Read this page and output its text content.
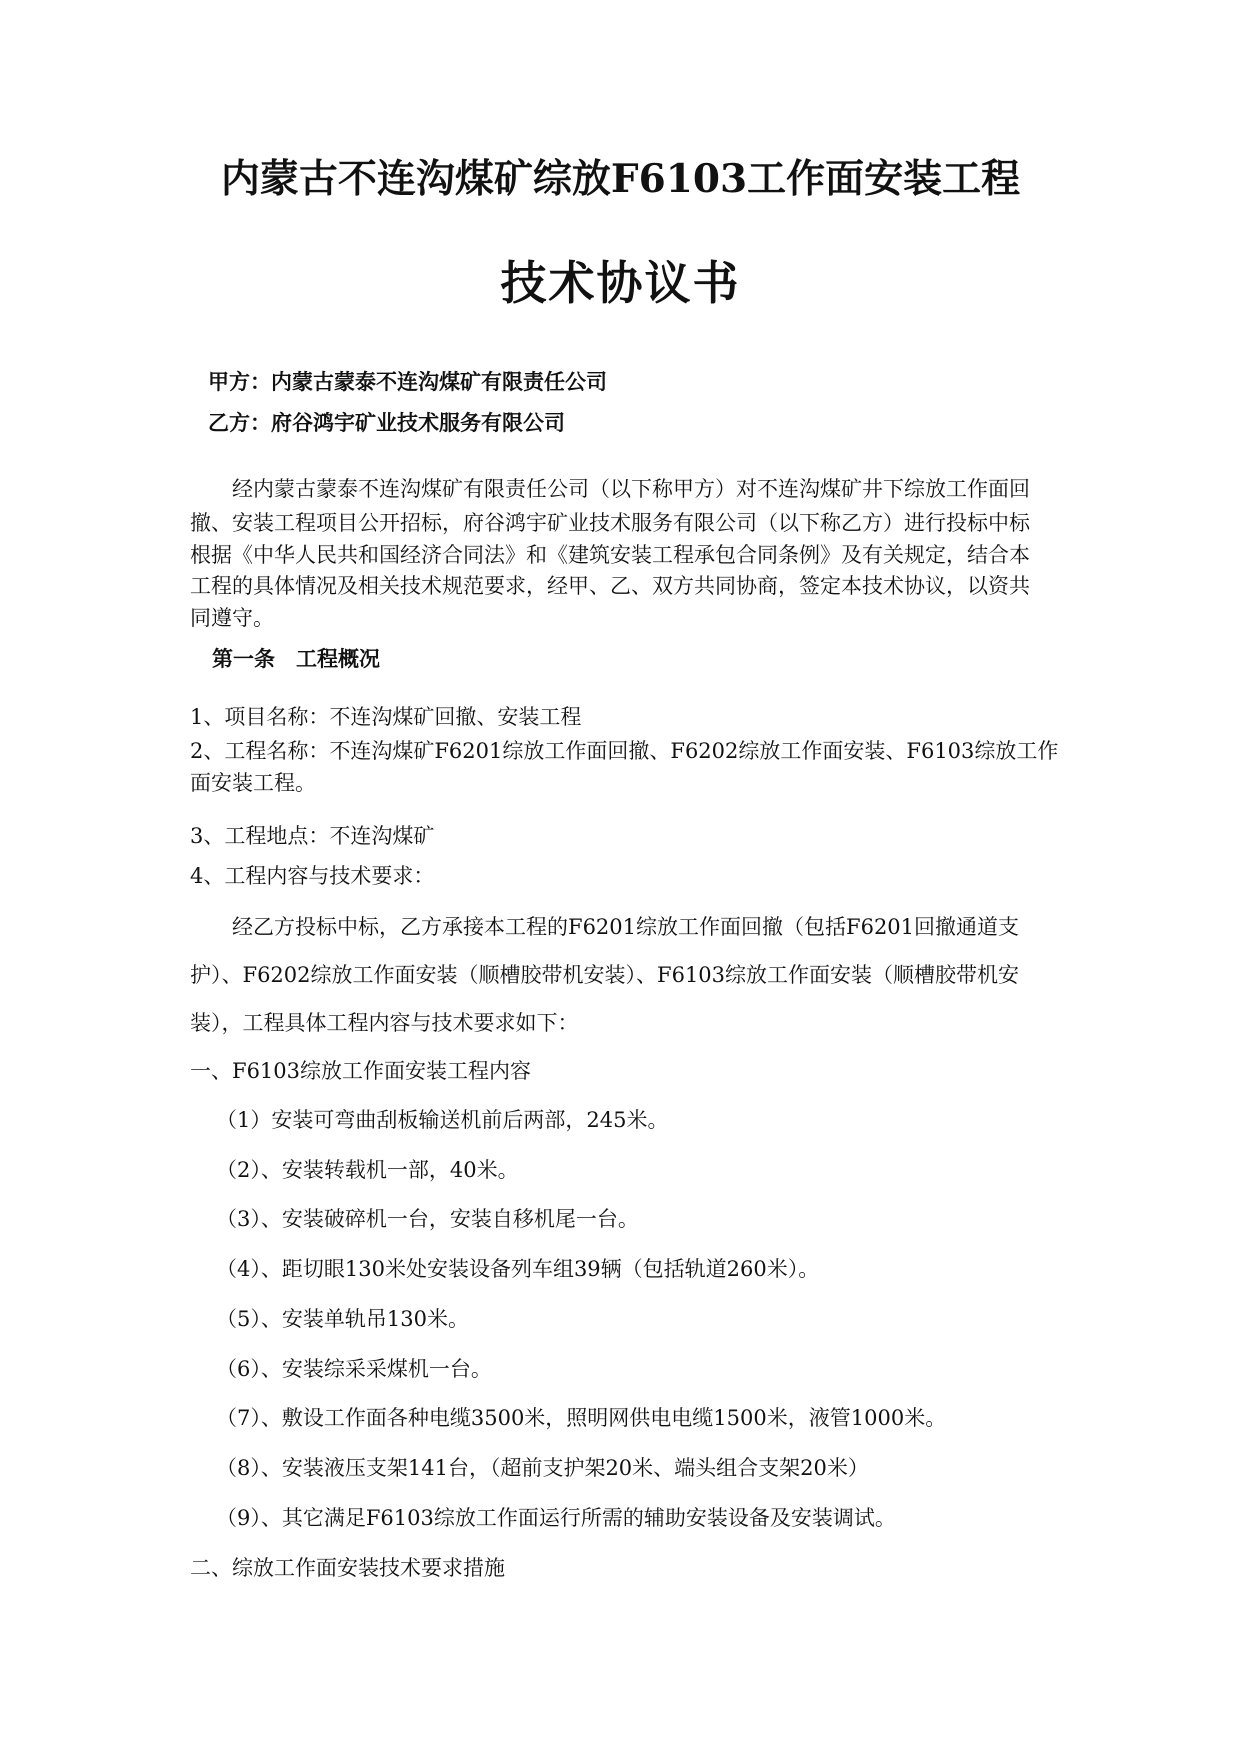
内蒙古不连沟煤矿综放F6103工作面安装工程
技术协议书
甲方：内蒙古蒙泰不连沟煤矿有限责任公司
乙方：府谷鸿宇矿业技术服务有限公司
经内蒙古蒙泰不连沟煤矿有限责任公司（以下称甲方）对不连沟煤矿井下综放工作面回
撤、安装工程项目公开招标，府谷鸿宇矿业技术服务有限公司（以下称乙方）进行投标中标
根据《中华人民共和国经济合同法》和《建筑安装工程承包合同条例》及有关规定，结合本
工程的具体情况及相关技术规范要求，经甲、乙、双方共同协商，签定本技术协议，以资共
同遵守。
第一条　工程概况
1、项目名称：不连沟煤矿回撤、安装工程
2、工程名称：不连沟煤矿F6201综放工作面回撤、F6202综放工作面安装、F6103综放工作
面安装工程。
3、工程地点：不连沟煤矿
4、工程内容与技术要求：
经乙方投标中标，乙方承接本工程的F6201综放工作面回撤（包括F6201回撤通道支
护）、F6202综放工作面安装（顺槽胶带机安装）、F6103综放工作面安装（顺槽胶带机安
装），工程具体工程内容与技术要求如下：
一、F6103综放工作面安装工程内容
（1）安装可弯曲刮板输送机前后两部，245米。
（2）、安装转载机一部，40米。
（3）、安装破碎机一台，安装自移机尾一台。
（4）、距切眼130米处安装设备列车组39辆（包括轨道260米）。
（5）、安装单轨吊130米。
（6）、安装综采采煤机一台。
（7）、敷设工作面各种电缆3500米，照明网供电电缆1500米，液管1000米。
（8）、安装液压支架141台，（超前支护架20米、端头组合支架20米）
（9）、其它满足F6103综放工作面运行所需的辅助安装设备及安装调试。
二、综放工作面安装技术要求措施
